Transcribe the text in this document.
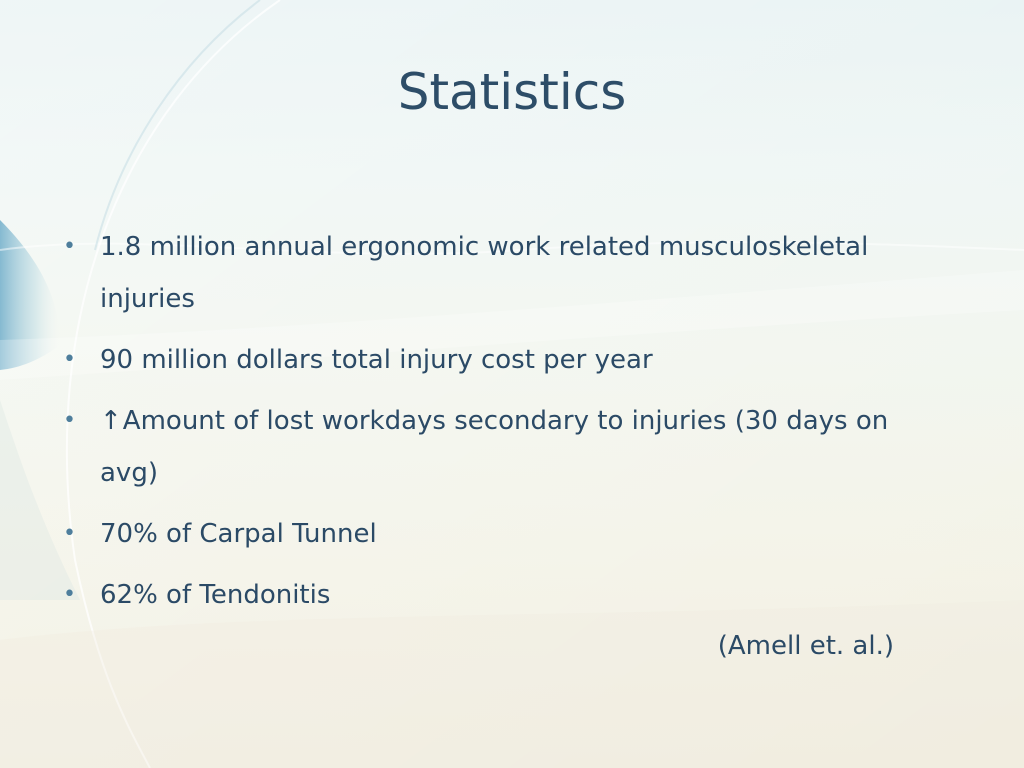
Statistics
• 1.8 million annual ergonomic work related musculoskeletal injuries
• 90 million dollars total injury cost per year
• ↑Amount of lost workdays secondary to injuries (30 days on avg)
• 70% of Carpal Tunnel
• 62% of Tendonitis
(Amell et. al.)
